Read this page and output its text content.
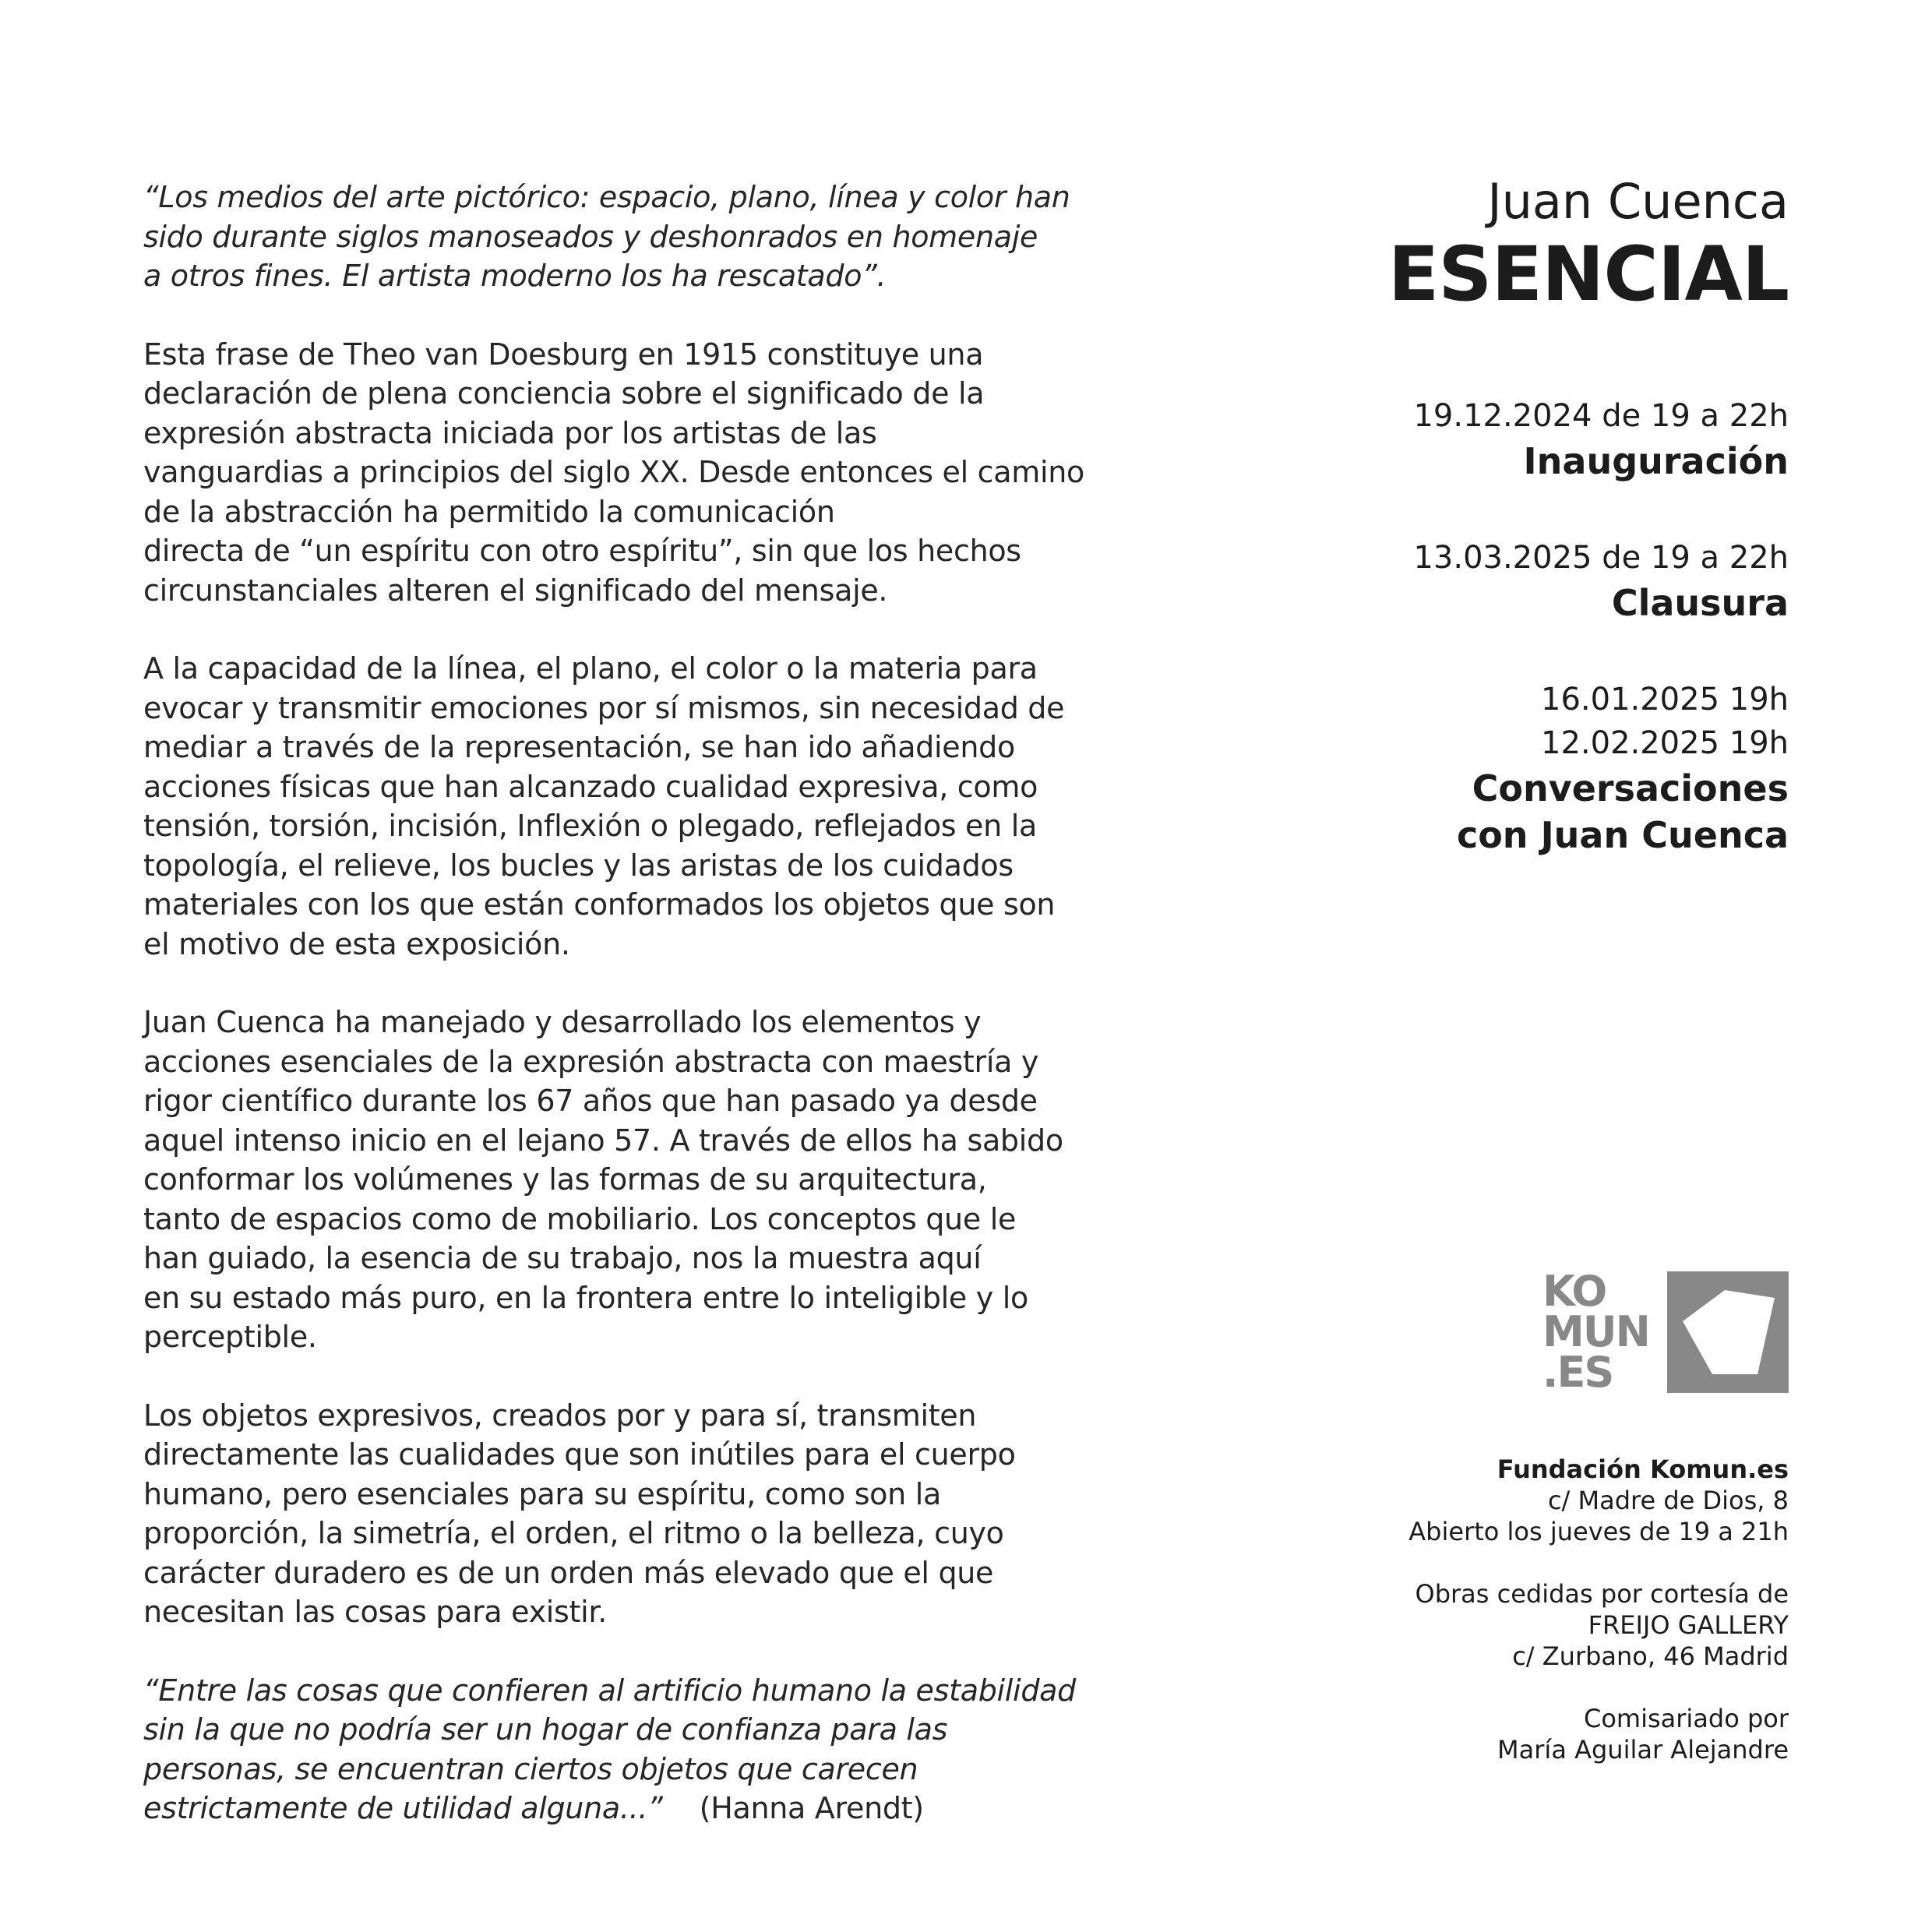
“Los medios del arte pictórico: espacio, plano, línea y color han
sido durante siglos manoseados y deshonrados en homenaje
a otros fines. El artista moderno los ha rescatado”.

Esta frase de Theo van Doesburg en 1915 constituye una
declaración de plena conciencia sobre el significado de la
expresión abstracta iniciada por los artistas de las
vanguardias a principios del siglo XX. Desde entonces el camino
de la abstracción ha permitido la comunicación
directa de “un espíritu con otro espíritu”, sin que los hechos
circunstanciales alteren el significado del mensaje.

A la capacidad de la línea, el plano, el color o la materia para
evocar y transmitir emociones por sí mismos, sin necesidad de
mediar a través de la representación, se han ido añadiendo
acciones físicas que han alcanzado cualidad expresiva, como
tensión, torsión, incisión, Inflexión o plegado, reflejados en la
topología, el relieve, los bucles y las aristas de los cuidados
materiales con los que están conformados los objetos que son
el motivo de esta exposición.

Juan Cuenca ha manejado y desarrollado los elementos y
acciones esenciales de la expresión abstracta con maestría y
rigor científico durante los 67 años que han pasado ya desde
aquel intenso inicio en el lejano 57. A través de ellos ha sabido
conformar los volúmenes y las formas de su arquitectura,
tanto de espacios como de mobiliario. Los conceptos que le
han guiado, la esencia de su trabajo, nos la muestra aquí
en su estado más puro, en la frontera entre lo inteligible y lo
perceptible.

Los objetos expresivos, creados por y para sí, transmiten
directamente las cualidades que son inútiles para el cuerpo
humano, pero esenciales para su espíritu, como son la
proporción, la simetría, el orden, el ritmo o la belleza, cuyo
carácter duradero es de un orden más elevado que el que
necesitan las cosas para existir.

“Entre las cosas que confieren al artificio humano la estabilidad
sin la que no podría ser un hogar de confianza para las
personas, se encuentran ciertos objetos que carecen
estrictamente de utilidad alguna...” (Hanna Arendt)

Juan Cuenca
ESENCIAL
19.12.2024 de 19 a 22h
Inauguración
13.03.2025 de 19 a 22h
Clausura
16.01.2025 19h
12.02.2025 19h
Conversaciones
con Juan Cuenca
KO
MUN
.ES
Fundación Komun.es
c/ Madre de Dios, 8
Abierto los jueves de 19 a 21h
Obras cedidas por cortesía de
FREIJO GALLERY
c/ Zurbano, 46 Madrid
Comisariado por
María Aguilar Alejandre
